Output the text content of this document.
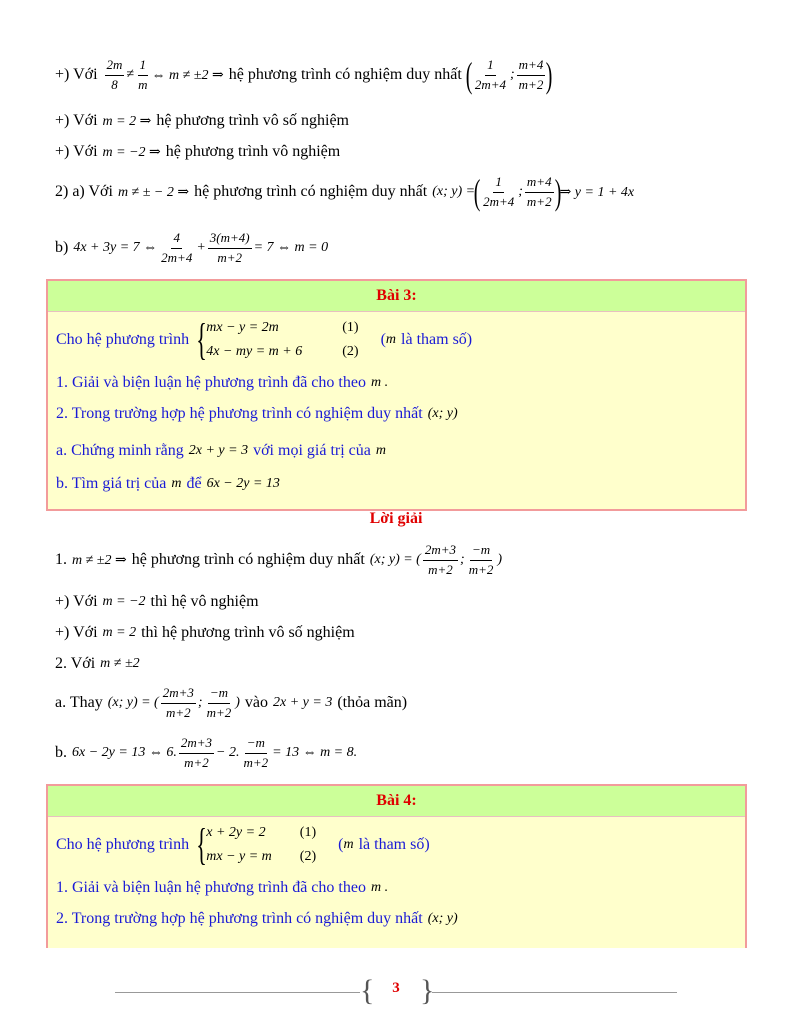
+) Với $\frac{2m}{8} \ne \frac{1}{m}$ ⇔ m ≠ ±2 ⇒ hệ phương trình có nghiệm duy nhất ( $\frac{1}{2m+4}$ ; $\frac{m+4}{m+2}$ )
+) Với m = 2 ⇒ hệ phương trình vô số nghiệm
+) Với m = −2 ⇒ hệ phương trình vô nghiệm
2) a) Với m ≠ ± − 2 ⇒ hệ phương trình có nghiệm duy nhất (x; y) =
( $\frac{1}{2m+4}$ ; $\frac{m+4}{m+2}$ )
⇒ y = 1 + 4x
b) 4x + 3y = 7 ⇔ $\frac{4}{2m+4} + \frac{3(m+4)}{m+2} = 7$ ⇔ m = 0
Bài 3:
Cho hệ phương trình { mx − y = 2m
4x − my = m + 6
(1)
(2)
( m là tham số)
1. Giải và biện luận hệ phương trình đã cho theo m .
2. Trong trường hợp hệ phương trình có nghiệm duy nhất (x; y)
a. Chứng minh rằng 2x + y = 3 với mọi giá trị của m
b. Tìm giá trị của m để 6x − 2y = 13
Lời giải
1. m ≠ ±2 ⇒ hệ phương trình có nghiệm duy nhất (x; y) = ( $\frac{2m+3}{m+2}$ ; $\frac{-m}{m+2}$ )
+) Với m = −2 thì hệ vô nghiệm
+) Với m = 2 thì hệ phương trình vô số nghiệm
2. Với m ≠ ±2
a. Thay (x; y) = ( $\frac{2m+3}{m+2}$ ; $\frac{-m}{m+2}$ ) vào 2x + y = 3 (thỏa mãn)
b. 6x − 2y = 13 ⇔ 6. $\frac{2m+3}{m+2} - 2$. $\frac{-m}{m+2} = 13$ ⇔ m = 8.
Bài 4:
Cho hệ phương trình { x + 2y = 2
mx − y = m
(1)
(2)
( m là tham số)
1. Giải và biện luận hệ phương trình đã cho theo m .
2. Trong trường hợp hệ phương trình có nghiệm duy nhất (x; y)
{ }
3
